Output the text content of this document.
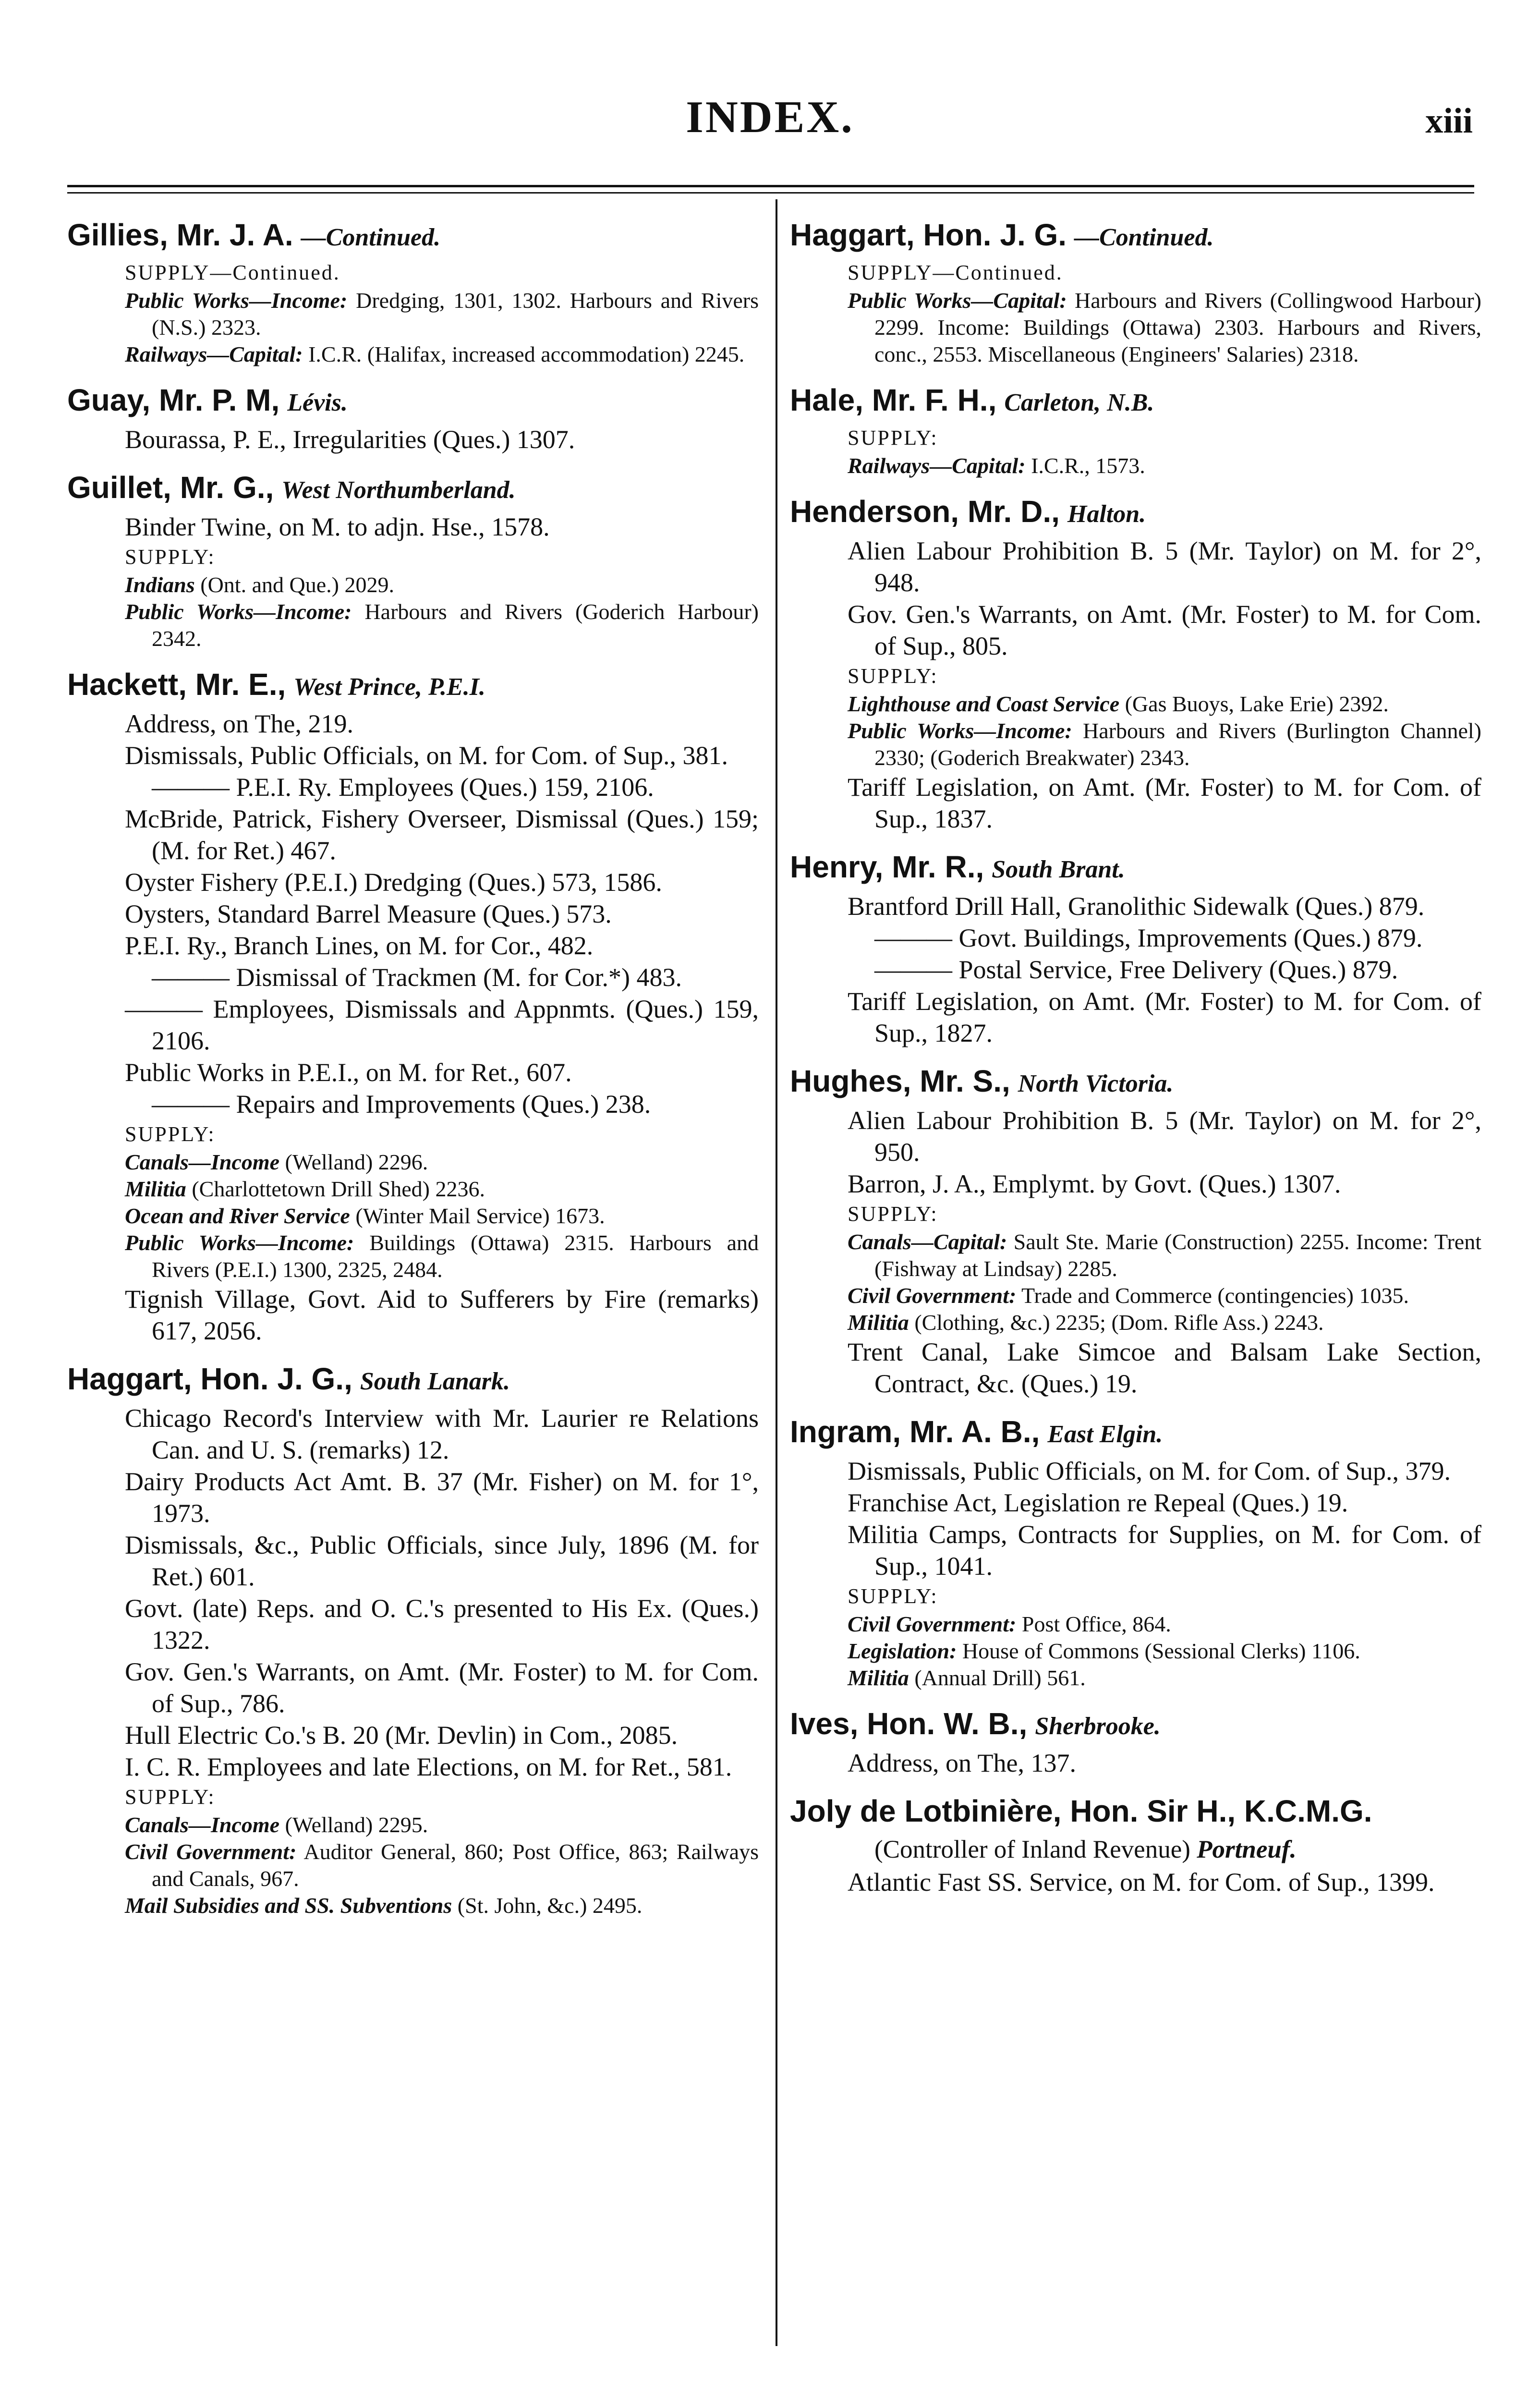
INDEX.	xiii
Gillies, Mr. J. A. —Continued.
SUPPLY—Continued.
Public Works—Income: Dredging, 1301, 1302. Harbours and Rivers (N.S.) 2323.
Railways—Capital: I.C.R. (Halifax, increased accommodation) 2245.
Guay, Mr. P. M, Lévis.
Bourassa, P. E., Irregularities (Ques.) 1307.
Guillet, Mr. G., West Northumberland.
Binder Twine, on M. to adjn. Hse., 1578.
SUPPLY:
Indians (Ont. and Que.) 2029.
Public Works—Income: Harbours and Rivers (Goderich Harbour) 2342.
Hackett, Mr. E., West Prince, P.E.I.
Address, on The, 219.
Dismissals, Public Officials, on M. for Com. of Sup., 381.
——— P.E.I. Ry. Employees (Ques.) 159, 2106.
McBride, Patrick, Fishery Overseer, Dismissal (Ques.) 159; (M. for Ret.) 467.
Oyster Fishery (P.E.I.) Dredging (Ques.) 573, 1586.
Oysters, Standard Barrel Measure (Ques.) 573.
P.E.I. Ry., Branch Lines, on M. for Cor., 482.
——— Dismissal of Trackmen (M. for Cor.*) 483.
——— Employees, Dismissals and Appnmts. (Ques.) 159, 2106.
Public Works in P.E.I., on M. for Ret., 607.
——— Repairs and Improvements (Ques.) 238.
SUPPLY:
Canals—Income (Welland) 2296.
Militia (Charlottetown Drill Shed) 2236.
Ocean and River Service (Winter Mail Service) 1673.
Public Works—Income: Buildings (Ottawa) 2315. Harbours and Rivers (P.E.I.) 1300, 2325, 2484.
Tignish Village, Govt. Aid to Sufferers by Fire (remarks) 617, 2056.
Haggart, Hon. J. G., South Lanark.
Chicago Record's Interview with Mr. Laurier re Relations Can. and U. S. (remarks) 12.
Dairy Products Act Amt. B. 37 (Mr. Fisher) on M. for 1°, 1973.
Dismissals, &c., Public Officials, since July, 1896 (M. for Ret.) 601.
Govt. (late) Reps. and O. C.'s presented to His Ex. (Ques.) 1322.
Gov. Gen.'s Warrants, on Amt. (Mr. Foster) to M. for Com. of Sup., 786.
Hull Electric Co.'s B. 20 (Mr. Devlin) in Com., 2085.
I. C. R. Employees and late Elections, on M. for Ret., 581.
SUPPLY:
Canals—Income (Welland) 2295.
Civil Government: Auditor General, 860; Post Office, 863; Railways and Canals, 967.
Mail Subsidies and SS. Subventions (St. John, &c.) 2495.
Haggart, Hon. J. G. —Continued.
SUPPLY—Continued.
Public Works—Capital: Harbours and Rivers (Collingwood Harbour) 2299. Income: Buildings (Ottawa) 2303. Harbours and Rivers, conc., 2553. Miscellaneous (Engineers' Salaries) 2318.
Hale, Mr. F. H., Carleton, N.B.
SUPPLY:
Railways—Capital: I.C.R., 1573.
Henderson, Mr. D., Halton.
Alien Labour Prohibition B. 5 (Mr. Taylor) on M. for 2°, 948.
Gov. Gen.'s Warrants, on Amt. (Mr. Foster) to M. for Com. of Sup., 805.
SUPPLY:
Lighthouse and Coast Service (Gas Buoys, Lake Erie) 2392.
Public Works—Income: Harbours and Rivers (Burlington Channel) 2330; (Goderich Breakwater) 2343.
Tariff Legislation, on Amt. (Mr. Foster) to M. for Com. of Sup., 1837.
Henry, Mr. R., South Brant.
Brantford Drill Hall, Granolithic Sidewalk (Ques.) 879.
——— Govt. Buildings, Improvements (Ques.) 879.
——— Postal Service, Free Delivery (Ques.) 879.
Tariff Legislation, on Amt. (Mr. Foster) to M. for Com. of Sup., 1827.
Hughes, Mr. S., North Victoria.
Alien Labour Prohibition B. 5 (Mr. Taylor) on M. for 2°, 950.
Barron, J. A., Emplymt. by Govt. (Ques.) 1307.
SUPPLY:
Canals—Capital: Sault Ste. Marie (Construction) 2255. Income: Trent (Fishway at Lindsay) 2285.
Civil Government: Trade and Commerce (contingencies) 1035.
Militia (Clothing, &c.) 2235; (Dom. Rifle Ass.) 2243.
Trent Canal, Lake Simcoe and Balsam Lake Section, Contract, &c. (Ques.) 19.
Ingram, Mr. A. B., East Elgin.
Dismissals, Public Officials, on M. for Com. of Sup., 379.
Franchise Act, Legislation re Repeal (Ques.) 19.
Militia Camps, Contracts for Supplies, on M. for Com. of Sup., 1041.
SUPPLY:
Civil Government: Post Office, 864.
Legislation: House of Commons (Sessional Clerks) 1106.
Militia (Annual Drill) 561.
Ives, Hon. W. B., Sherbrooke.
Address, on The, 137.
Joly de Lotbinière, Hon. Sir H., K.C.M.G.
(Controller of Inland Revenue) Portneuf.
Atlantic Fast SS. Service, on M. for Com. of Sup., 1399.
